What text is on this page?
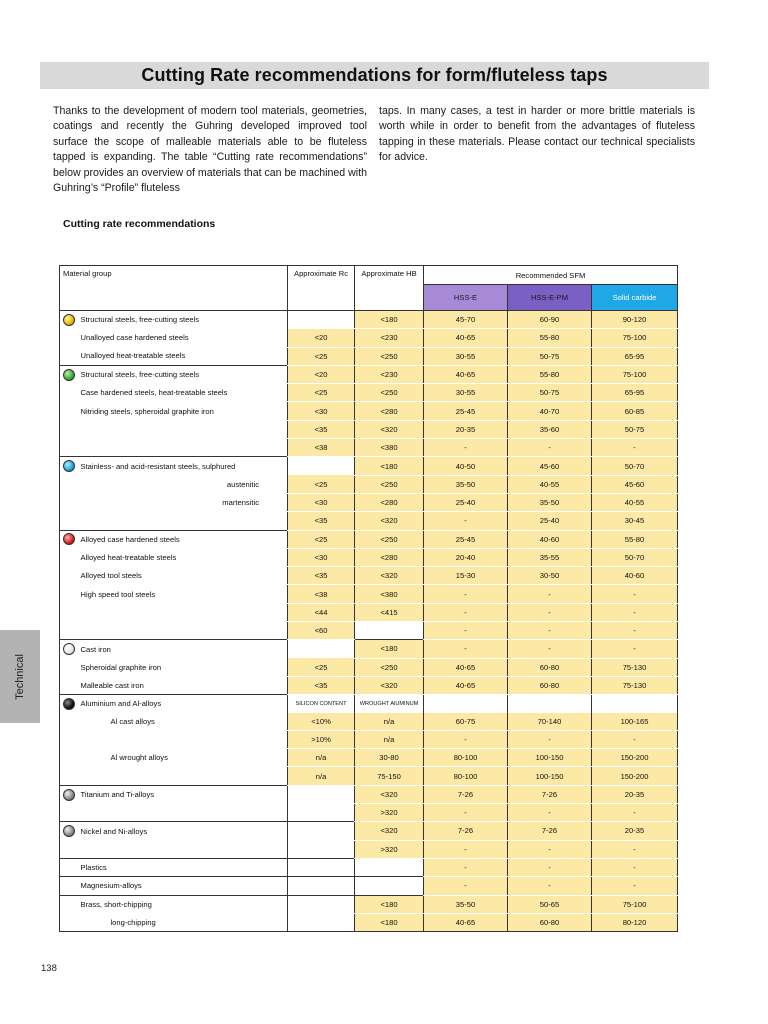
Cutting Rate recommendations for form/fluteless taps

Thanks to the development of modern tool materials, geometries, coatings and recently the Guhring developed improved tool surface the scope of malleable materials able to be fluteless tapped is expanding. The table “Cutting rate recommendations” below provides an overview of materials that can be machined with Guhring’s “Profile” fluteless

taps. In many cases, a test in harder or more brittle materials is worth while in order to benefit from the advantages of fluteless tapping in these materials. Please contact our technical specialists for advice.

Cutting rate recommendations
Material group		Approximate Rc	Approximate HB	Recommended SFM		
				HSS-E	HSS-E-PM	Solid carbide
	Structural steels, free-cutting steels		<180	45-70	60-90	90-120
	Unalloyed case hardened steels	<20	<230	40-65	55-80	75-100
	Unalloyed heat-treatable steels	<25	<250	30-55	50-75	65-95
	Structural steels, free-cutting steels	<20	<230	40-65	55-80	75-100
	Case hardened steels, heat-treatable steels	<25	<250	30-55	50-75	65-95
	Nitriding steels, spheroidal graphite iron	<30	<280	25-45	40-70	60-85
		<35	<320	20-35	35-60	50-75
		<38	<380	-	-	-
	Stainless- and acid-resistant steels, sulphured		<180	40-50	45-60	50-70
	austenitic	<25	<250	35-50	40-55	45-60
	martensitic	<30	<280	25-40	35-50	40-55
		<35	<320	-	25-40	30-45
	Alloyed case hardened steels	<25	<250	25-45	40-60	55-80
	Alloyed heat-treatable steels	<30	<280	20-40	35-55	50-70
	Alloyed tool steels	<35	<320	15-30	30-50	40-60
	High speed tool steels	<38	<380	-	-	-
		<44	<415	-	-	-
		<60		-	-	-
	Cast iron		<180	-	-	-
	Spheroidal graphite iron	<25	<250	40-65	60-80	75-130
	Malleable cast iron	<35	<320	40-65	60-80	75-130
	Aluminium and Al-alloys	SILICON CONTENT	WROUGHT AlUMINUM			
	Al cast alloys	<10%	n/a	60-75	70-140	100-165
		>10%	n/a	-	-	-
	Al wrought alloys	n/a	30-80	80-100	100-150	150-200
		n/a	75-150	80-100	100-150	150-200
	Titanium and Ti-alloys		<320	7-26	7-26	20-35
			>320	-	-	-
	Nickel and Ni-alloys		<320	7-26	7-26	20-35
			>320	-	-	-
	Plastics			-	-	-
	Magnesium-alloys			-	-	-
	Brass, short-chipping		<180	35-50	50-65	75-100
	long-chipping		<180	40-65	60-80	80-120
Technical
138
